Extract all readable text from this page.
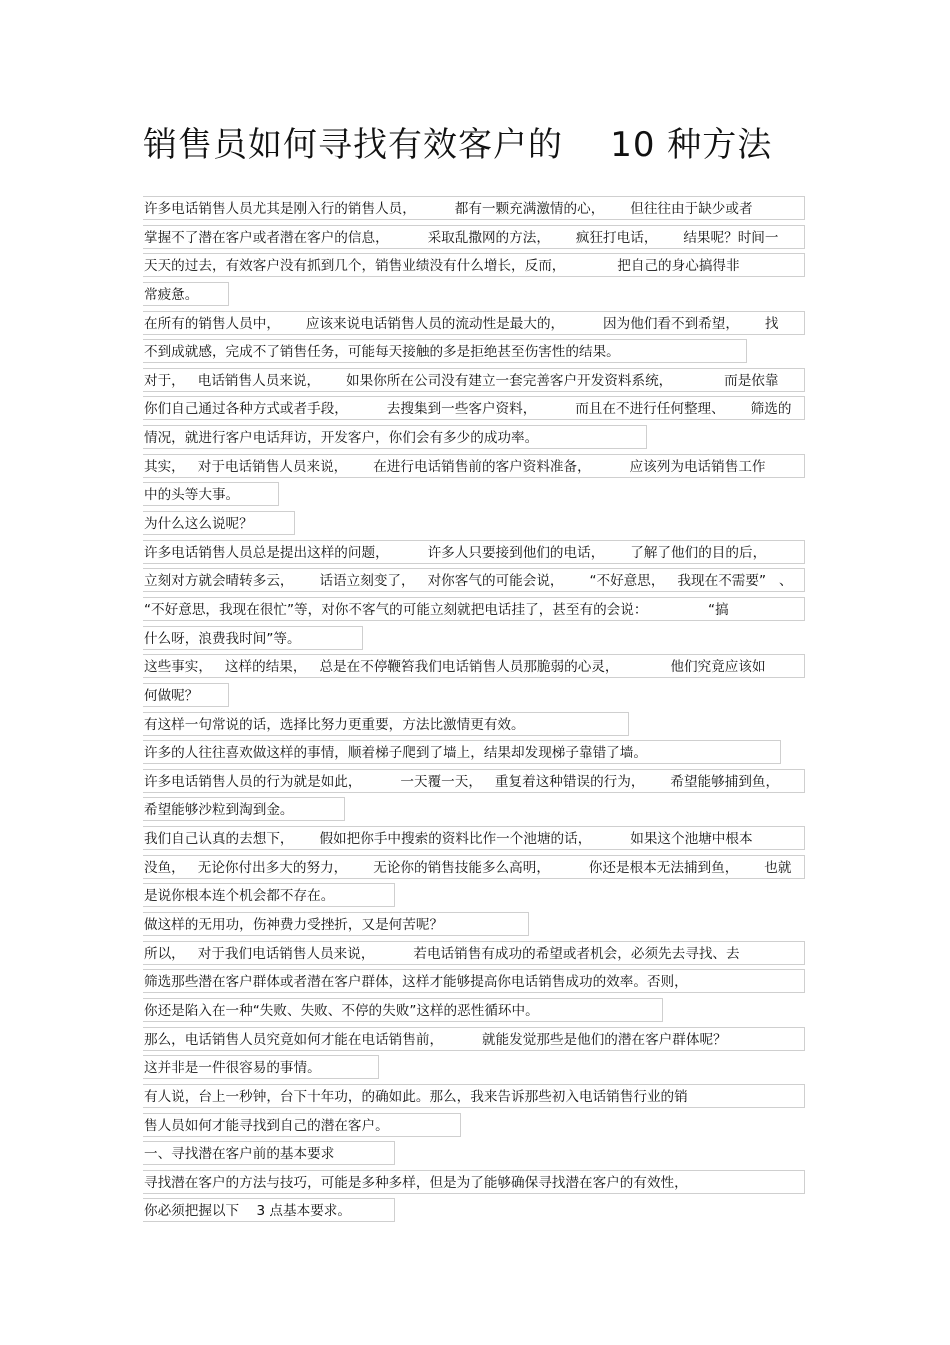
销售员如何寻找有效客户的    10 种方法
许多电话销售人员尤其是刚入行的销售人员，         都有一颗充满激情的心，      但往往由于缺少或者
掌握不了潜在客户或者潜在客户的信息，         采取乱撒网的方法，      疯狂打电话，      结果呢？时间一
天天的过去，有效客户没有抓到几个，销售业绩没有什么增长，反而，            把自己的身心搞得非
常疲惫。
在所有的销售人员中，      应该来说电话销售人员的流动性是最大的，         因为他们看不到希望，      找
不到成就感，完成不了销售任务，可能每天接触的多是拒绝甚至伤害性的结果。
对于，   电话销售人员来说，      如果你所在公司没有建立一套完善客户开发资料系统，            而是依靠
你们自己通过各种方式或者手段，         去搜集到一些客户资料，         而且在不进行任何整理、      筛选的
情况，就进行客户电话拜访，开发客户，你们会有多少的成功率。
其实，   对于电话销售人员来说，      在进行电话销售前的客户资料准备，         应该列为电话销售工作
中的头等大事。
为什么这么说呢？
许多电话销售人员总是提出这样的问题，         许多人只要接到他们的电话，      了解了他们的目的后，
立刻对方就会晴转多云，      话语立刻变了，   对你客气的可能会说，      “不好意思，   我现在不需要”   、
“不好意思，我现在很忙”等，对你不客气的可能立刻就把电话挂了，甚至有的会说：              “搞
什么呀，浪费我时间”等。
这些事实，   这样的结果，   总是在不停鞭笞我们电话销售人员那脆弱的心灵，            他们究竟应该如
何做呢？
有这样一句常说的话，选择比努力更重要，方法比激情更有效。
许多的人往往喜欢做这样的事情，顺着梯子爬到了墙上，结果却发现梯子靠错了墙。
许多电话销售人员的行为就是如此，         一天覆一天，   重复着这种错误的行为，      希望能够捕到鱼，
希望能够沙粒到淘到金。
我们自己认真的去想下，      假如把你手中搜索的资料比作一个池塘的话，         如果这个池塘中根本
没鱼，   无论你付出多大的努力，      无论你的销售技能多么高明，         你还是根本无法捕到鱼，      也就
是说你根本连个机会都不存在。
做这样的无用功，伤神费力受挫折，又是何苦呢？
所以，   对于我们电话销售人员来说，         若电话销售有成功的希望或者机会，必须先去寻找、去
筛选那些潜在客户群体或者潜在客户群体，这样才能够提高你电话销售成功的效率。否则，
你还是陷入在一种“失败、失败、不停的失败”这样的恶性循环中。
那么，电话销售人员究竟如何才能在电话销售前，         就能发觉那些是他们的潜在客户群体呢？
这并非是一件很容易的事情。
有人说，台上一秒钟，台下十年功，的确如此。那么，我来告诉那些初入电话销售行业的销
售人员如何才能寻找到自己的潜在客户。
一、寻找潜在客户前的基本要求
寻找潜在客户的方法与技巧，可能是多种多样，但是为了能够确保寻找潜在客户的有效性，
你必须把握以下    3 点基本要求。
